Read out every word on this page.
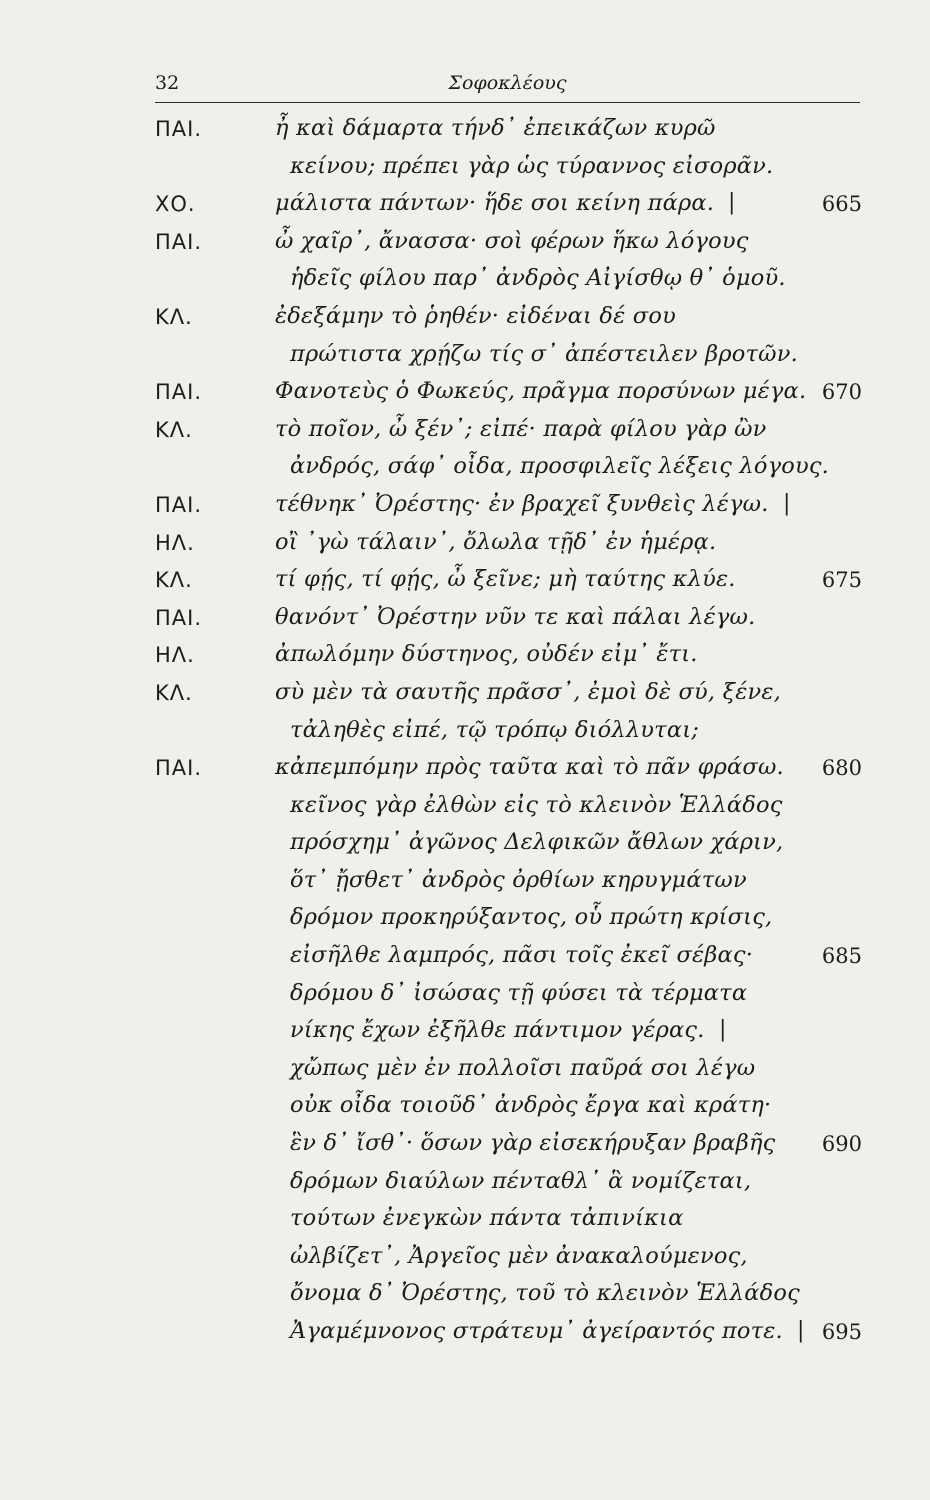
32	Σοφοκλέους
ΠΑΙ.	ἦ καὶ δάμαρτα τήνδ᾽ ἐπεικάζων κυρῶ
κείνου; πρέπει γὰρ ὡς τύραννος εἰσορᾶν.
ΧΟ.	μάλιστα πάντων· ἥδε σοι κείνη πάρα. |	665
ΠΑΙ.	ὦ χαῖρ᾽, ἄνασσα· σοὶ φέρων ἥκω λόγους
ἡδεῖς φίλου παρ᾽ ἀνδρὸς Αἰγίσθῳ θ᾽ ὁμοῦ.
ΚΛ.	ἐδεξάμην τὸ ῥηθέν· εἰδέναι δέ σου
πρώτιστα χρῄζω τίς σ᾽ ἀπέστειλεν βροτῶν.
ΠΑΙ.	Φανοτεὺς ὁ Φωκεύς, πρᾶγμα πορσύνων μέγα. 670
ΚΛ.	τὸ ποῖον, ὦ ξέν᾽; εἰπέ· παρὰ φίλου γὰρ ὢν
ἀνδρός, σάφ᾽ οἶδα, προσφιλεῖς λέξεις λόγους.
ΠΑΙ.	τέθνηκ᾽ Ὀρέστης· ἐν βραχεῖ ξυνθεὶς λέγω. |
ΗΛ.	οἲ ᾽γὼ τάλαιν᾽, ὄλωλα τῇδ᾽ ἐν ἡμέρᾳ.
ΚΛ.	τί φῄς, τί φῄς, ὦ ξεῖνε; μὴ ταύτης κλύε.	675
ΠΑΙ.	θανόντ᾽ Ὀρέστην νῦν τε καὶ πάλαι λέγω.
ΗΛ.	ἀπωλόμην δύστηνος, οὐδέν εἰμ᾽ ἔτι.
ΚΛ.	σὺ μὲν τὰ σαυτῆς πρᾶσσ᾽, ἐμοὶ δὲ σύ, ξένε,
τἀληθὲς εἰπέ, τῷ τρόπῳ διόλλυται;
ΠΑΙ.	κἀπεμπόμην πρὸς ταῦτα καὶ τὸ πᾶν φράσω. 680
κεῖνος γὰρ ἐλθὼν εἰς τὸ κλεινὸν Ἑλλάδος
πρόσχημ᾽ ἀγῶνος Δελφικῶν ἄθλων χάριν,
ὅτ᾽ ᾔσθετ᾽ ἀνδρὸς ὀρθίων κηρυγμάτων
δρόμον προκηρύξαντος, οὗ πρώτη κρίσις,
εἰσῆλθε λαμπρός, πᾶσι τοῖς ἐκεῖ σέβας·	685
δρόμου δ᾽ ἰσώσας τῇ φύσει τὰ τέρματα
νίκης ἔχων ἐξῆλθε πάντιμον γέρας. |
χὤπως μὲν ἐν πολλοῖσι παῦρά σοι λέγω
οὐκ οἶδα τοιοῦδ᾽ ἀνδρὸς ἔργα καὶ κράτη·
ἓν δ᾽ ἴσθ᾽· ὅσων γὰρ εἰσεκήρυξαν βραβῆς 690
δρόμων διαύλων πένταθλ᾽ ἃ νομίζεται,
τούτων ἐνεγκὼν πάντα τἀπινίκια
ὠλβίζετ᾽, Ἀργεῖος μὲν ἀνακαλούμενος,
ὄνομα δ᾽ Ὀρέστης, τοῦ τὸ κλεινὸν Ἑλλάδος
Ἀγαμέμνονος στράτευμ᾽ ἀγείραντός ποτε. | 695
